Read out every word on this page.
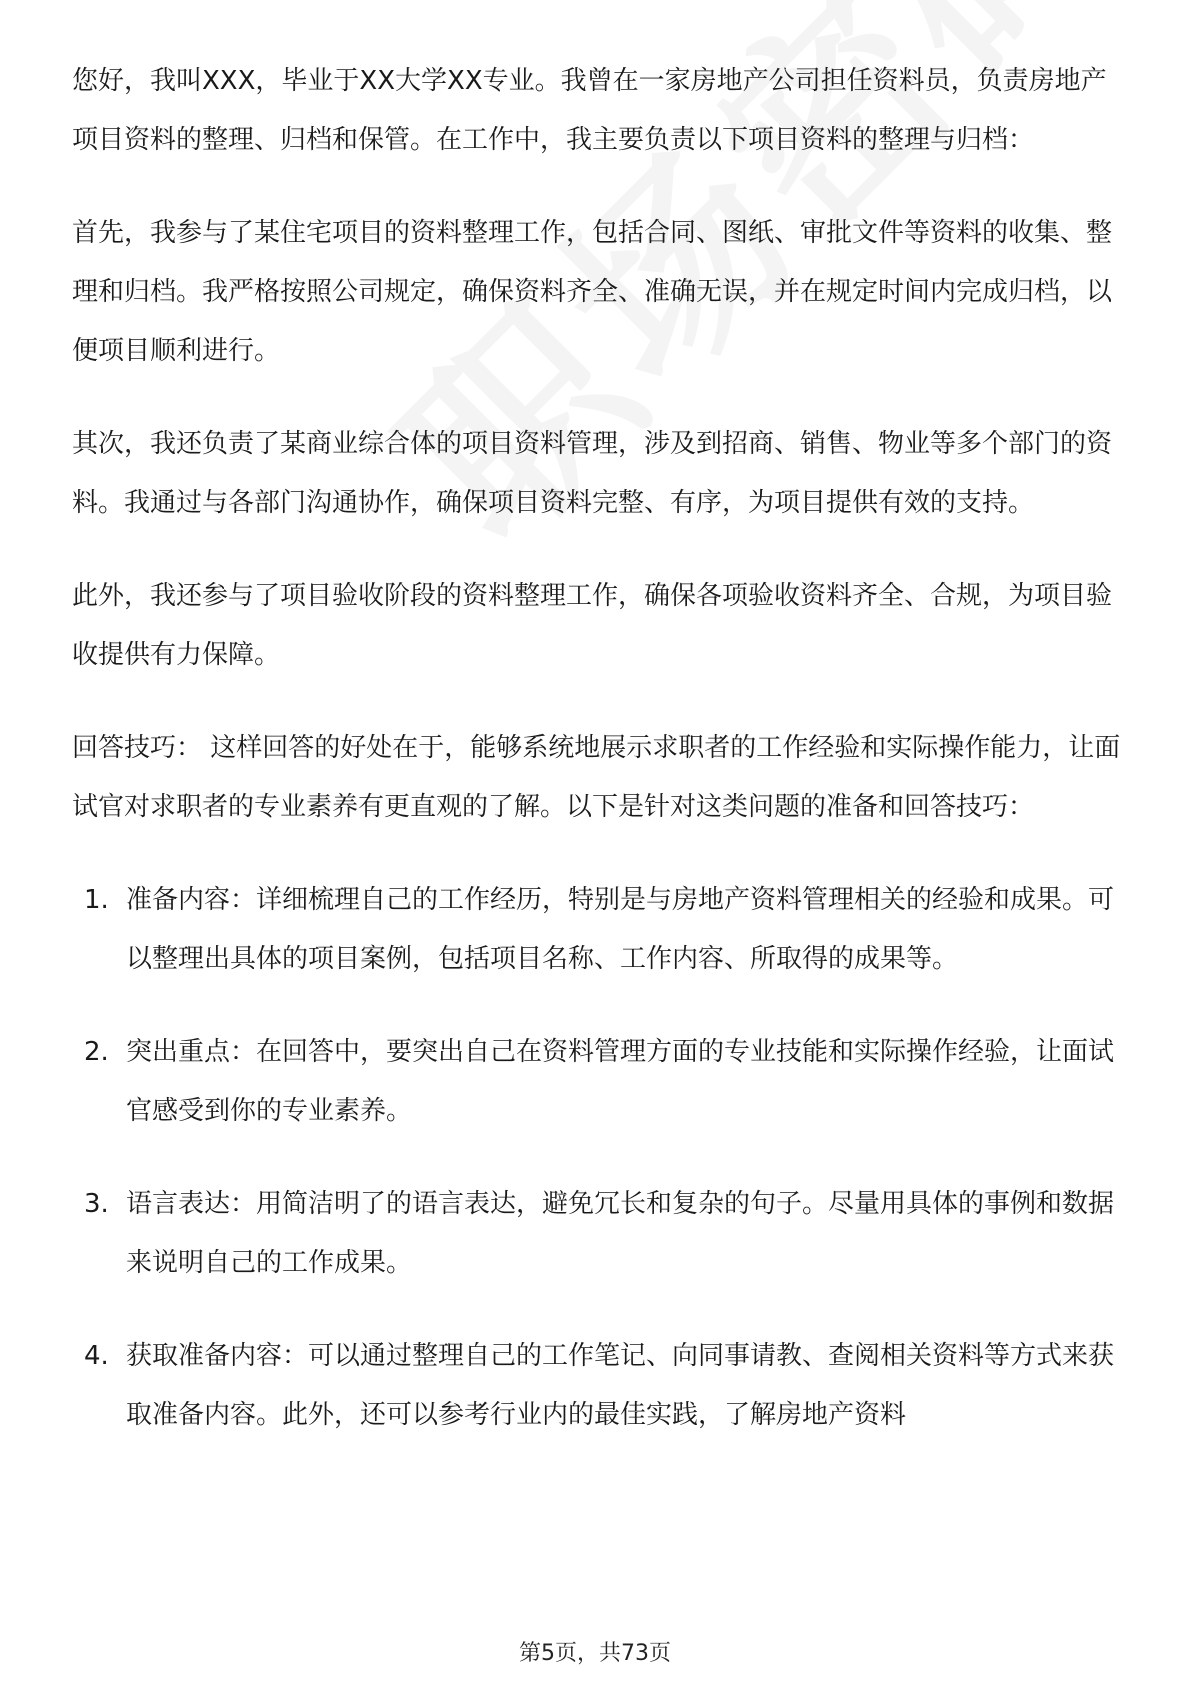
您好，我叫XXX，毕业于XX大学XX专业。我曾在一家房地产公司担任资料员，负责房地产项目资料的整理、归档和保管。在工作中，我主要负责以下项目资料的整理与归档：

首先，我参与了某住宅项目的资料整理工作，包括合同、图纸、审批文件等资料的收集、整理和归档。我严格按照公司规定，确保资料齐全、准确无误，并在规定时间内完成归档，以便项目顺利进行。

其次，我还负责了某商业综合体的项目资料管理，涉及到招商、销售、物业等多个部门的资料。我通过与各部门沟通协作，确保项目资料完整、有序，为项目提供有效的支持。

此外，我还参与了项目验收阶段的资料整理工作，确保各项验收资料齐全、合规，为项目验收提供有力保障。

回答技巧： 这样回答的好处在于，能够系统地展示求职者的工作经验和实际操作能力，让面试官对求职者的专业素养有更直观的了解。以下是针对这类问题的准备和回答技巧：

1. 准备内容：详细梳理自己的工作经历，特别是与房地产资料管理相关的经验和成果。可以整理出具体的项目案例，包括项目名称、工作内容、所取得的成果等。
2. 突出重点：在回答中，要突出自己在资料管理方面的专业技能和实际操作经验，让面试官感受到你的专业素养。
3. 语言表达：用简洁明了的语言表达，避免冗长和复杂的句子。尽量用具体的事例和数据来说明自己的工作成果。
4. 获取准备内容：可以通过整理自己的工作笔记、向同事请教、查阅相关资料等方式来获取准备内容。此外，还可以参考行业内的最佳实践，了解房地产资料
第5页，共73页
